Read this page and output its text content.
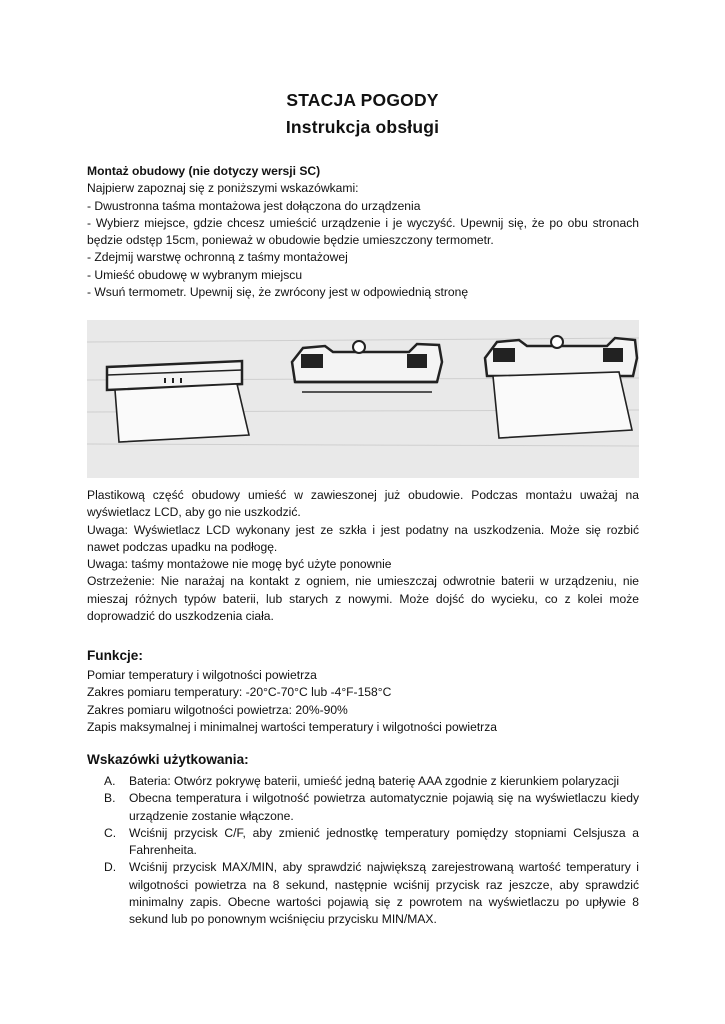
STACJA POGODY
Instrukcja obsługi

Montaż obudowy (nie dotyczy wersji SC)

Najpierw zapoznaj się z poniższymi wskazówkami:

- Dwustronna taśma montażowa jest dołączona do urządzenia

- Wybierz miejsce, gdzie chcesz umieścić urządzenie i je wyczyść. Upewnij się, że po obu stronach będzie odstęp 15cm, ponieważ w obudowie będzie umieszczony termometr.

- Zdejmij warstwę ochronną z taśmy montażowej

- Umieść obudowę w wybranym miejscu

- Wsuń termometr. Upewnij się, że zwrócony jest w odpowiednią stronę

Plastikową część obudowy umieść w zawieszonej już obudowie. Podczas montażu uważaj na wyświetlacz LCD, aby go nie uszkodzić.

Uwaga: Wyświetlacz LCD wykonany jest ze szkła i jest podatny na uszkodzenia. Może się rozbić nawet podczas upadku na podłogę.

Uwaga: taśmy montażowe nie mogę być użyte ponownie

Ostrzeżenie: Nie narażaj na kontakt z ogniem, nie umieszczaj odwrotnie baterii w urządzeniu, nie mieszaj różnych typów baterii, lub starych z nowymi. Może dojść do wycieku, co z kolei może doprowadzić do uszkodzenia ciała.

Funkcje:

Pomiar temperatury i wilgotności powietrza

Zakres pomiaru temperatury: -20°C-70°C lub -4°F-158°C

Zakres pomiaru wilgotności powietrza: 20%-90%

Zapis maksymalnej i minimalnej wartości temperatury i wilgotności powietrza

Wskazówki użytkowania:
A.	Bateria: Otwórz pokrywę baterii, umieść jedną baterię AAA zgodnie z kierunkiem polaryzacji
B.	Obecna temperatura i wilgotność powietrza automatycznie pojawią się na wyświetlaczu kiedy urządzenie zostanie włączone.
C.	Wciśnij przycisk C/F, aby zmienić jednostkę temperatury pomiędzy stopniami Celsjusza a Fahrenheita.
D.	Wciśnij przycisk MAX/MIN, aby sprawdzić największą zarejestrowaną wartość temperatury i wilgotności powietrza na 8 sekund, następnie wciśnij przycisk raz jeszcze, aby sprawdzić minimalny zapis. Obecne wartości pojawią się z powrotem na wyświetlaczu po upływie 8 sekund lub po ponownym wciśnięciu przycisku MIN/MAX.
